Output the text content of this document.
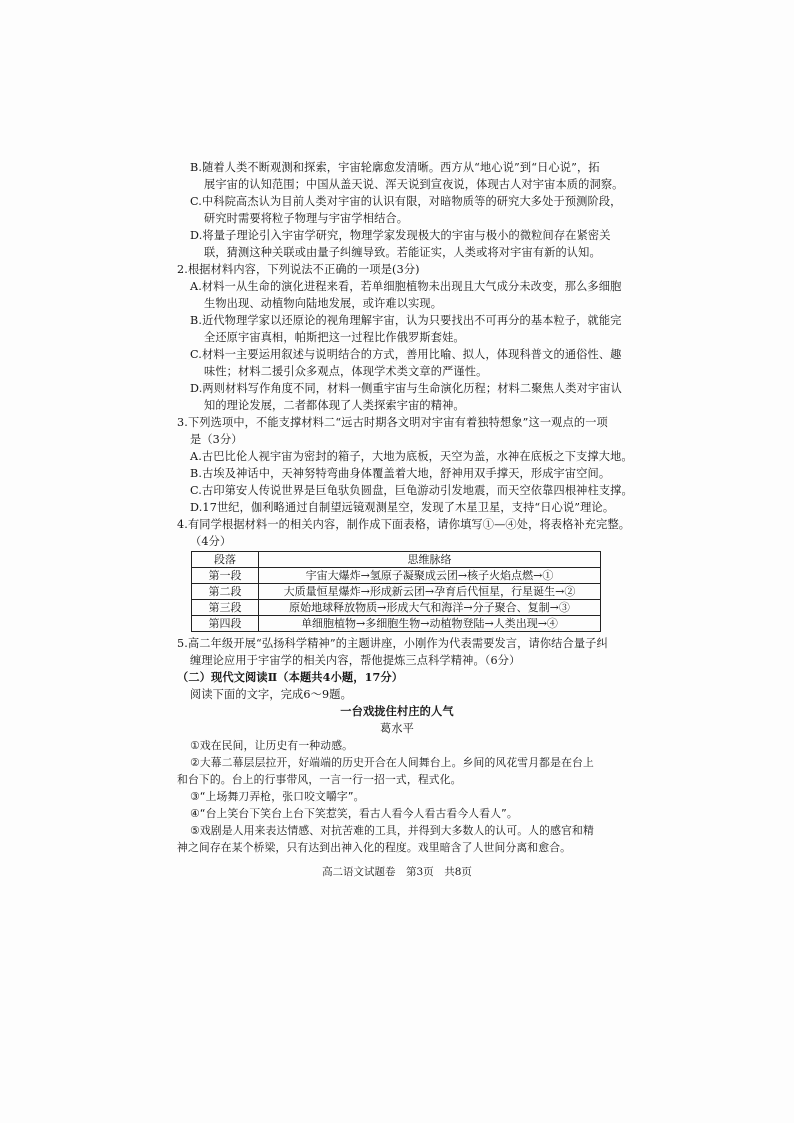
B.随着人类不断观测和探索，宇宙轮廓愈发清晰。西方从“地心说”到“日心说”，拓
展宇宙的认知范围；中国从盖天说、浑天说到宣夜说，体现古人对宇宙本质的洞察。
C.中科院高杰认为目前人类对宇宙的认识有限，对暗物质等的研究大多处于预测阶段，
研究时需要将粒子物理与宇宙学相结合。
D.将量子理论引入宇宙学研究，物理学家发现极大的宇宙与极小的微粒间存在紧密关
联，猜测这种关联或由量子纠缠导致。若能证实，人类或将对宇宙有新的认知。
2.根据材料内容，下列说法不正确的一项是(3分)
A.材料一从生命的演化进程来看，若单细胞植物未出现且大气成分未改变，那么多细胞
生物出现、动植物向陆地发展，或许难以实现。
B.近代物理学家以还原论的视角理解宇宙，认为只要找出不可再分的基本粒子，就能完
全还原宇宙真相，帕斯把这一过程比作俄罗斯套娃。
C.材料一主要运用叙述与说明结合的方式，善用比喻、拟人，体现科普文的通俗性、趣
味性；材料二援引众多观点，体现学术类文章的严谨性。
D.两则材料写作角度不同，材料一侧重宇宙与生命演化历程；材料二聚焦人类对宇宙认
知的理论发展，二者都体现了人类探索宇宙的精神。
3.下列选项中，不能支撑材料二“远古时期各文明对宇宙有着独特想象”这一观点的一项
是（3分）
A.古巴比伦人视宇宙为密封的箱子，大地为底板，天空为盖，水神在底板之下支撑大地。
B.古埃及神话中，天神努特弯曲身体覆盖着大地，舒神用双手撑天，形成宇宙空间。
C.古印第安人传说世界是巨龟驮负圆盘，巨龟游动引发地震，而天空依靠四根神柱支撑。
D.17世纪，伽利略通过自制望远镜观测星空，发现了木星卫星，支持“日心说”理论。
4.有同学根据材料一的相关内容，制作成下面表格，请你填写①—④处，将表格补充完整。
（4分）
段落	思维脉络
第一段	宇宙大爆炸→氢原子凝聚成云团→核子火焰点燃→①
第二段	大质量恒星爆炸→形成新云团→孕育后代恒星，行星诞生→②
第三段	原始地球释放物质→形成大气和海洋→分子聚合、复制→③
第四段	单细胞植物→多细胞生物→动植物登陆→人类出现→④
5.高二年级开展“弘扬科学精神”的主题讲座，小刚作为代表需要发言，请你结合量子纠
缠理论应用于宇宙学的相关内容，帮他提炼三点科学精神。（6分）
（二）现代文阅读Ⅱ（本题共4小题，17分）
阅读下面的文字，完成6～9题。
一台戏拢住村庄的人气
葛水平
①戏在民间，让历史有一种动感。
②大幕二幕层层拉开，好端端的历史开合在人间舞台上。乡间的风花雪月都是在台上
和台下的。台上的行事带风，一言一行一招一式，程式化。
③“上场舞刀弄枪，张口咬文嚼字”。
④“台上笑台下笑台上台下笑惹笑，看古人看今人看古看今人看人”。
⑤戏剧是人用来表达情感、对抗苦难的工具，并得到大多数人的认可。人的感官和精
神之间存在某个桥梁，只有达到出神入化的程度。戏里暗含了人世间分离和愈合。
高二语文试题卷　第3页　共8页
